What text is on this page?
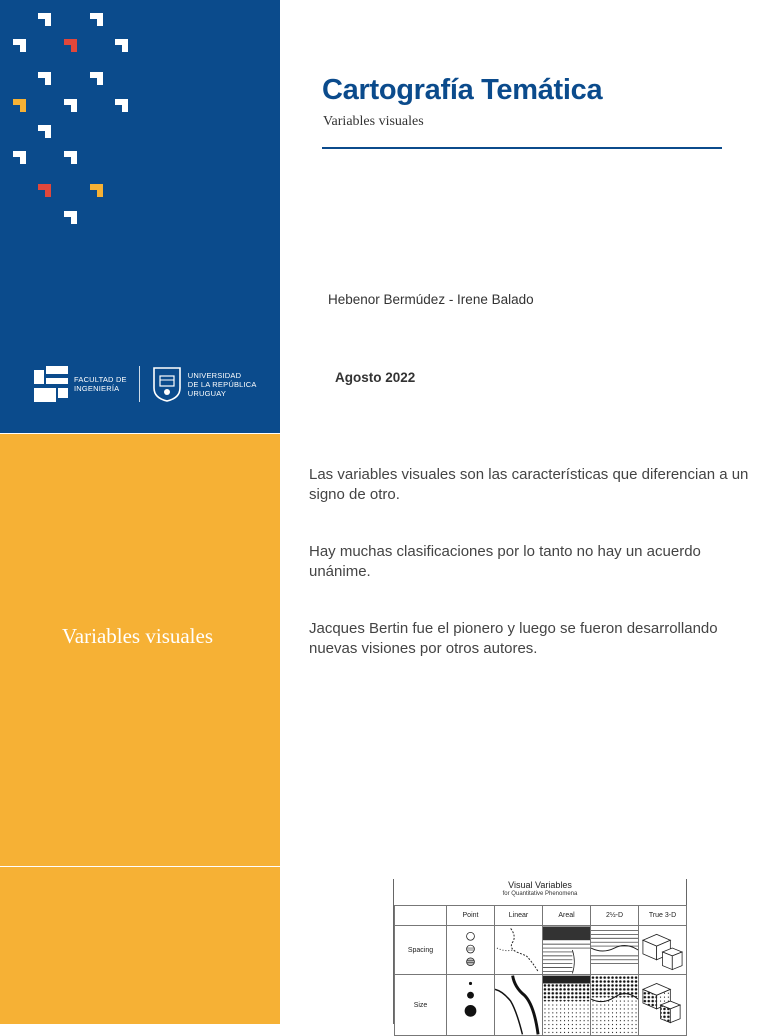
FACULTAD DE
INGENIERÍA
UNIVERSIDAD
DE LA REPÚBLICA
URUGUAY
Cartografía Temática
Variables visuales
Hebenor Bermúdez - Irene Balado
Agosto 2022
Variables visuales

Las variables visuales son las características que diferencian a un signo de otro.

Hay muchas clasificaciones por lo tanto no hay un acuerdo unánime.

Jacques Bertin fue el pionero y luego se fueron desarrollando nuevas visiones por otros autores.

Visual Variables
for Quantitative Phenomena
	Point	Linear	Areal	2½-D	True 3-D
Spacing	

Size	
